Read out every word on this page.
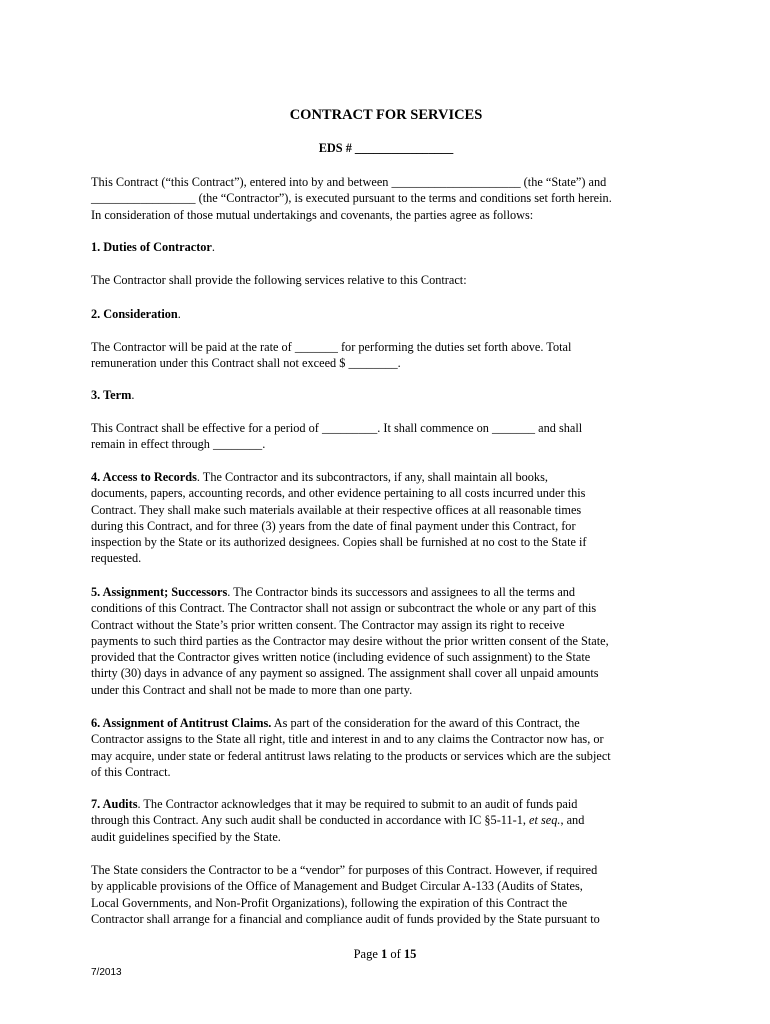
CONTRACT FOR SERVICES
EDS # ________________
This Contract (“this Contract”), entered into by and between _____________________ (the “State”) and
_________________ (the “Contractor”), is executed pursuant to the terms and conditions set forth herein.
In consideration of those mutual undertakings and covenants, the parties agree as follows:
1. Duties of Contractor.
The Contractor shall provide the following services relative to this Contract:
2. Consideration.
The Contractor will be paid at the rate of _______ for performing the duties set forth above. Total
remuneration under this Contract shall not exceed $ ________.
3. Term.
This Contract shall be effective for a period of _________. It shall commence on _______ and shall
remain in effect through ________.
4. Access to Records. The Contractor and its subcontractors, if any, shall maintain all books,
documents, papers, accounting records, and other evidence pertaining to all costs incurred under this
Contract. They shall make such materials available at their respective offices at all reasonable times
during this Contract, and for three (3) years from the date of final payment under this Contract, for
inspection by the State or its authorized designees. Copies shall be furnished at no cost to the State if
requested.
5. Assignment; Successors. The Contractor binds its successors and assignees to all the terms and
conditions of this Contract. The Contractor shall not assign or subcontract the whole or any part of this
Contract without the State’s prior written consent. The Contractor may assign its right to receive
payments to such third parties as the Contractor may desire without the prior written consent of the State,
provided that the Contractor gives written notice (including evidence of such assignment) to the State
thirty (30) days in advance of any payment so assigned. The assignment shall cover all unpaid amounts
under this Contract and shall not be made to more than one party.
6. Assignment of Antitrust Claims. As part of the consideration for the award of this Contract, the
Contractor assigns to the State all right, title and interest in and to any claims the Contractor now has, or
may acquire, under state or federal antitrust laws relating to the products or services which are the subject
of this Contract.
7. Audits. The Contractor acknowledges that it may be required to submit to an audit of funds paid
through this Contract. Any such audit shall be conducted in accordance with IC §5-11-1, et seq., and
audit guidelines specified by the State.
The State considers the Contractor to be a “vendor” for purposes of this Contract. However, if required
by applicable provisions of the Office of Management and Budget Circular A-133 (Audits of States,
Local Governments, and Non-Profit Organizations), following the expiration of this Contract the
Contractor shall arrange for a financial and compliance audit of funds provided by the State pursuant to
Page 1 of 15
7/2013
